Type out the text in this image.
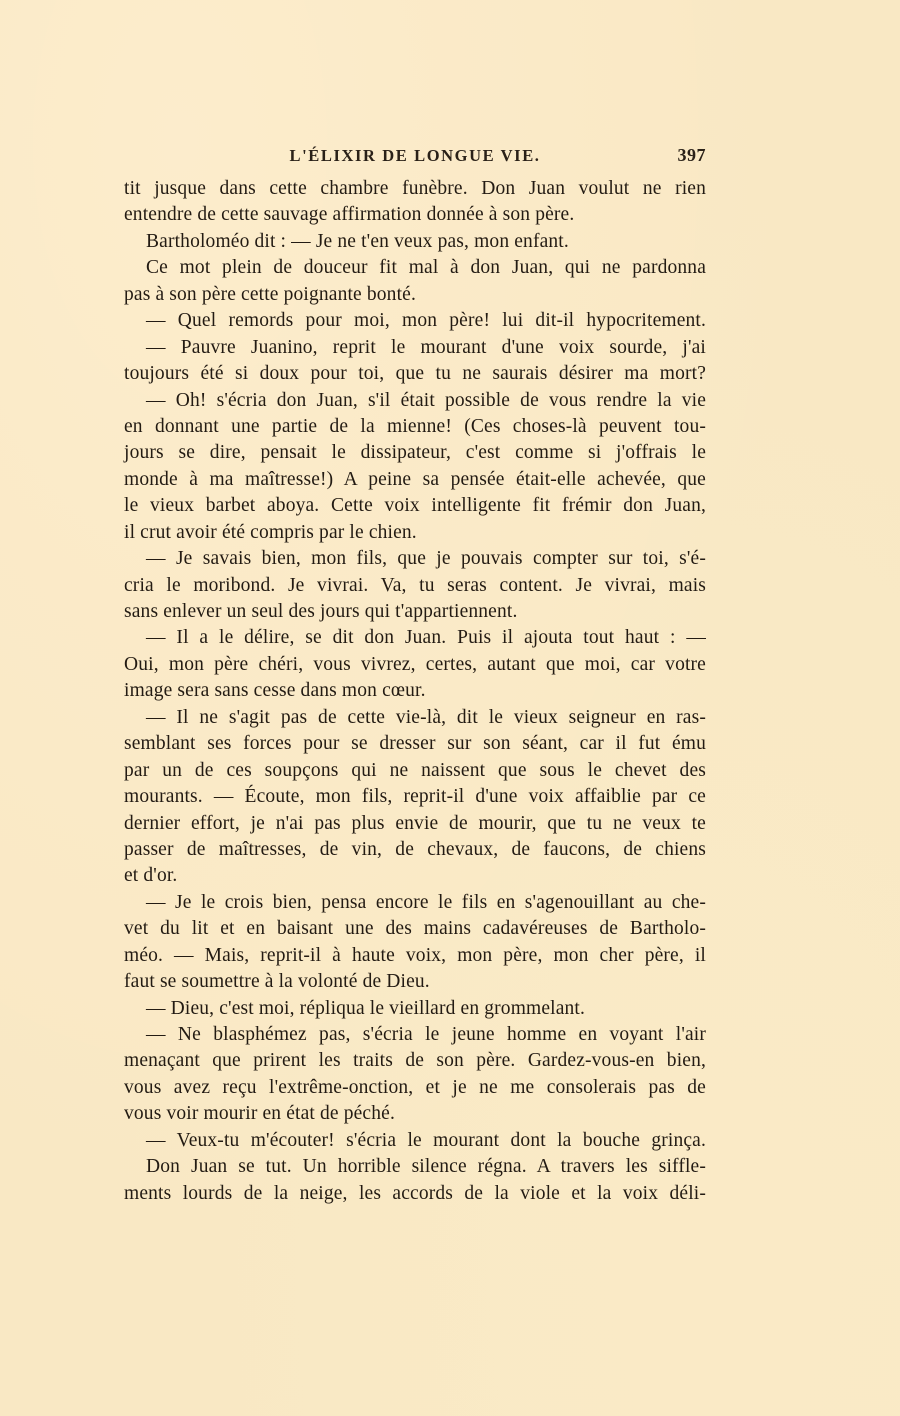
L'ÉLIXIR DE LONGUE VIE.	397
tit jusque dans cette chambre funèbre. Don Juan voulut ne rien
entendre de cette sauvage affirmation donnée à son père.
Bartholoméo dit : — Je ne t'en veux pas, mon enfant.
Ce mot plein de douceur fit mal à don Juan, qui ne pardonna
pas à son père cette poignante bonté.
— Quel remords pour moi, mon père! lui dit-il hypocritement.
— Pauvre Juanino, reprit le mourant d'une voix sourde, j'ai
toujours été si doux pour toi, que tu ne saurais désirer ma mort?
— Oh! s'écria don Juan, s'il était possible de vous rendre la vie
en donnant une partie de la mienne! (Ces choses-là peuvent tou-
jours se dire, pensait le dissipateur, c'est comme si j'offrais le
monde à ma maîtresse!) A peine sa pensée était-elle achevée, que
le vieux barbet aboya. Cette voix intelligente fit frémir don Juan,
il crut avoir été compris par le chien.
— Je savais bien, mon fils, que je pouvais compter sur toi, s'é-
cria le moribond. Je vivrai. Va, tu seras content. Je vivrai, mais
sans enlever un seul des jours qui t'appartiennent.
— Il a le délire, se dit don Juan. Puis il ajouta tout haut : —
Oui, mon père chéri, vous vivrez, certes, autant que moi, car votre
image sera sans cesse dans mon cœur.
— Il ne s'agit pas de cette vie-là, dit le vieux seigneur en ras-
semblant ses forces pour se dresser sur son séant, car il fut ému
par un de ces soupçons qui ne naissent que sous le chevet des
mourants. — Écoute, mon fils, reprit-il d'une voix affaiblie par ce
dernier effort, je n'ai pas plus envie de mourir, que tu ne veux te
passer de maîtresses, de vin, de chevaux, de faucons, de chiens
et d'or.
— Je le crois bien, pensa encore le fils en s'agenouillant au che-
vet du lit et en baisant une des mains cadavéreuses de Bartholo-
méo. — Mais, reprit-il à haute voix, mon père, mon cher père, il
faut se soumettre à la volonté de Dieu.
— Dieu, c'est moi, répliqua le vieillard en grommelant.
— Ne blasphémez pas, s'écria le jeune homme en voyant l'air
menaçant que prirent les traits de son père. Gardez-vous-en bien,
vous avez reçu l'extrême-onction, et je ne me consolerais pas de
vous voir mourir en état de péché.
— Veux-tu m'écouter! s'écria le mourant dont la bouche grinça.
Don Juan se tut. Un horrible silence régna. A travers les siffle-
ments lourds de la neige, les accords de la viole et la voix déli-
